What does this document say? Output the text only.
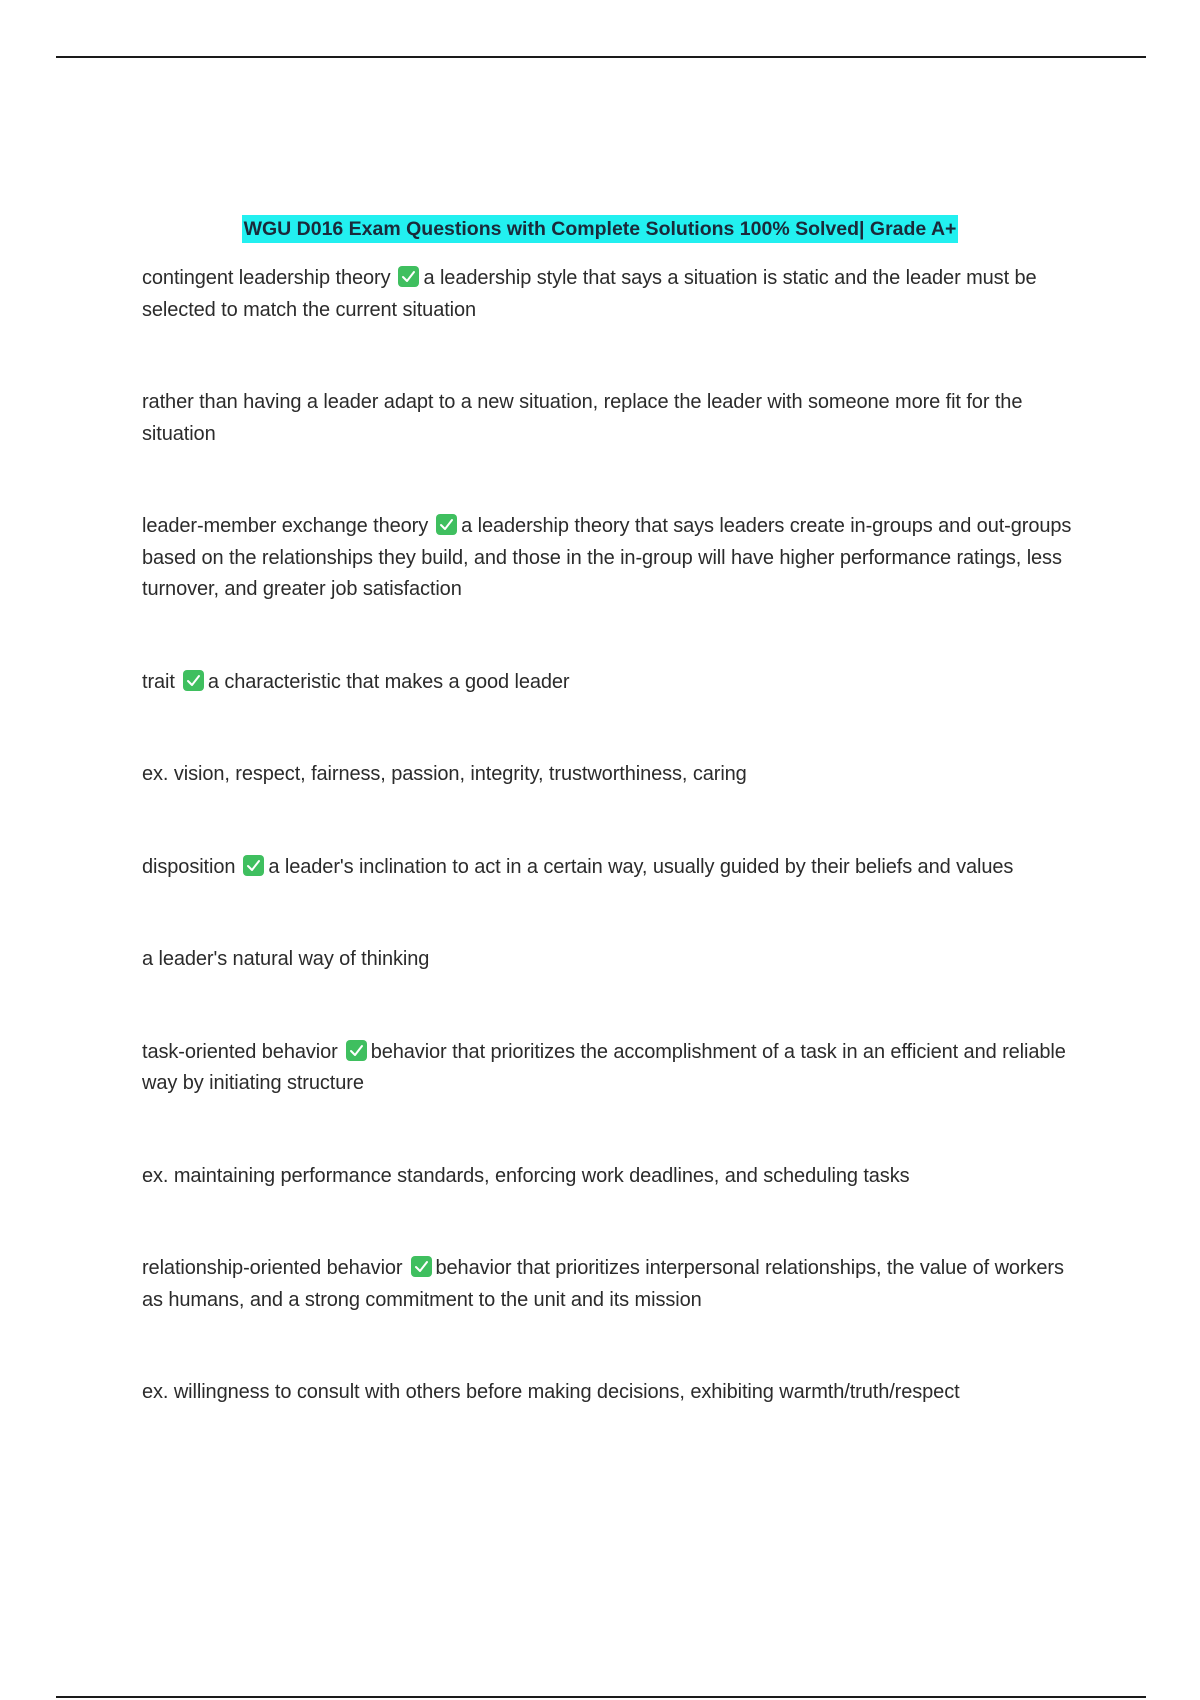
WGU D016 Exam Questions with Complete Solutions 100% Solved| Grade A+

contingent leadership theory a leadership style that says a situation is static and the leader must be selected to match the current situation

rather than having a leader adapt to a new situation, replace the leader with someone more fit for the situation

leader-member exchange theory a leadership theory that says leaders create in-groups and out-groups based on the relationships they build, and those in the in-group will have higher performance ratings, less turnover, and greater job satisfaction

trait a characteristic that makes a good leader

ex. vision, respect, fairness, passion, integrity, trustworthiness, caring

disposition a leader's inclination to act in a certain way, usually guided by their beliefs and values

a leader's natural way of thinking

task-oriented behavior behavior that prioritizes the accomplishment of a task in an efficient and reliable way by initiating structure

ex. maintaining performance standards, enforcing work deadlines, and scheduling tasks

relationship-oriented behavior behavior that prioritizes interpersonal relationships, the value of workers as humans, and a strong commitment to the unit and its mission

ex. willingness to consult with others before making decisions, exhibiting warmth/truth/respect
